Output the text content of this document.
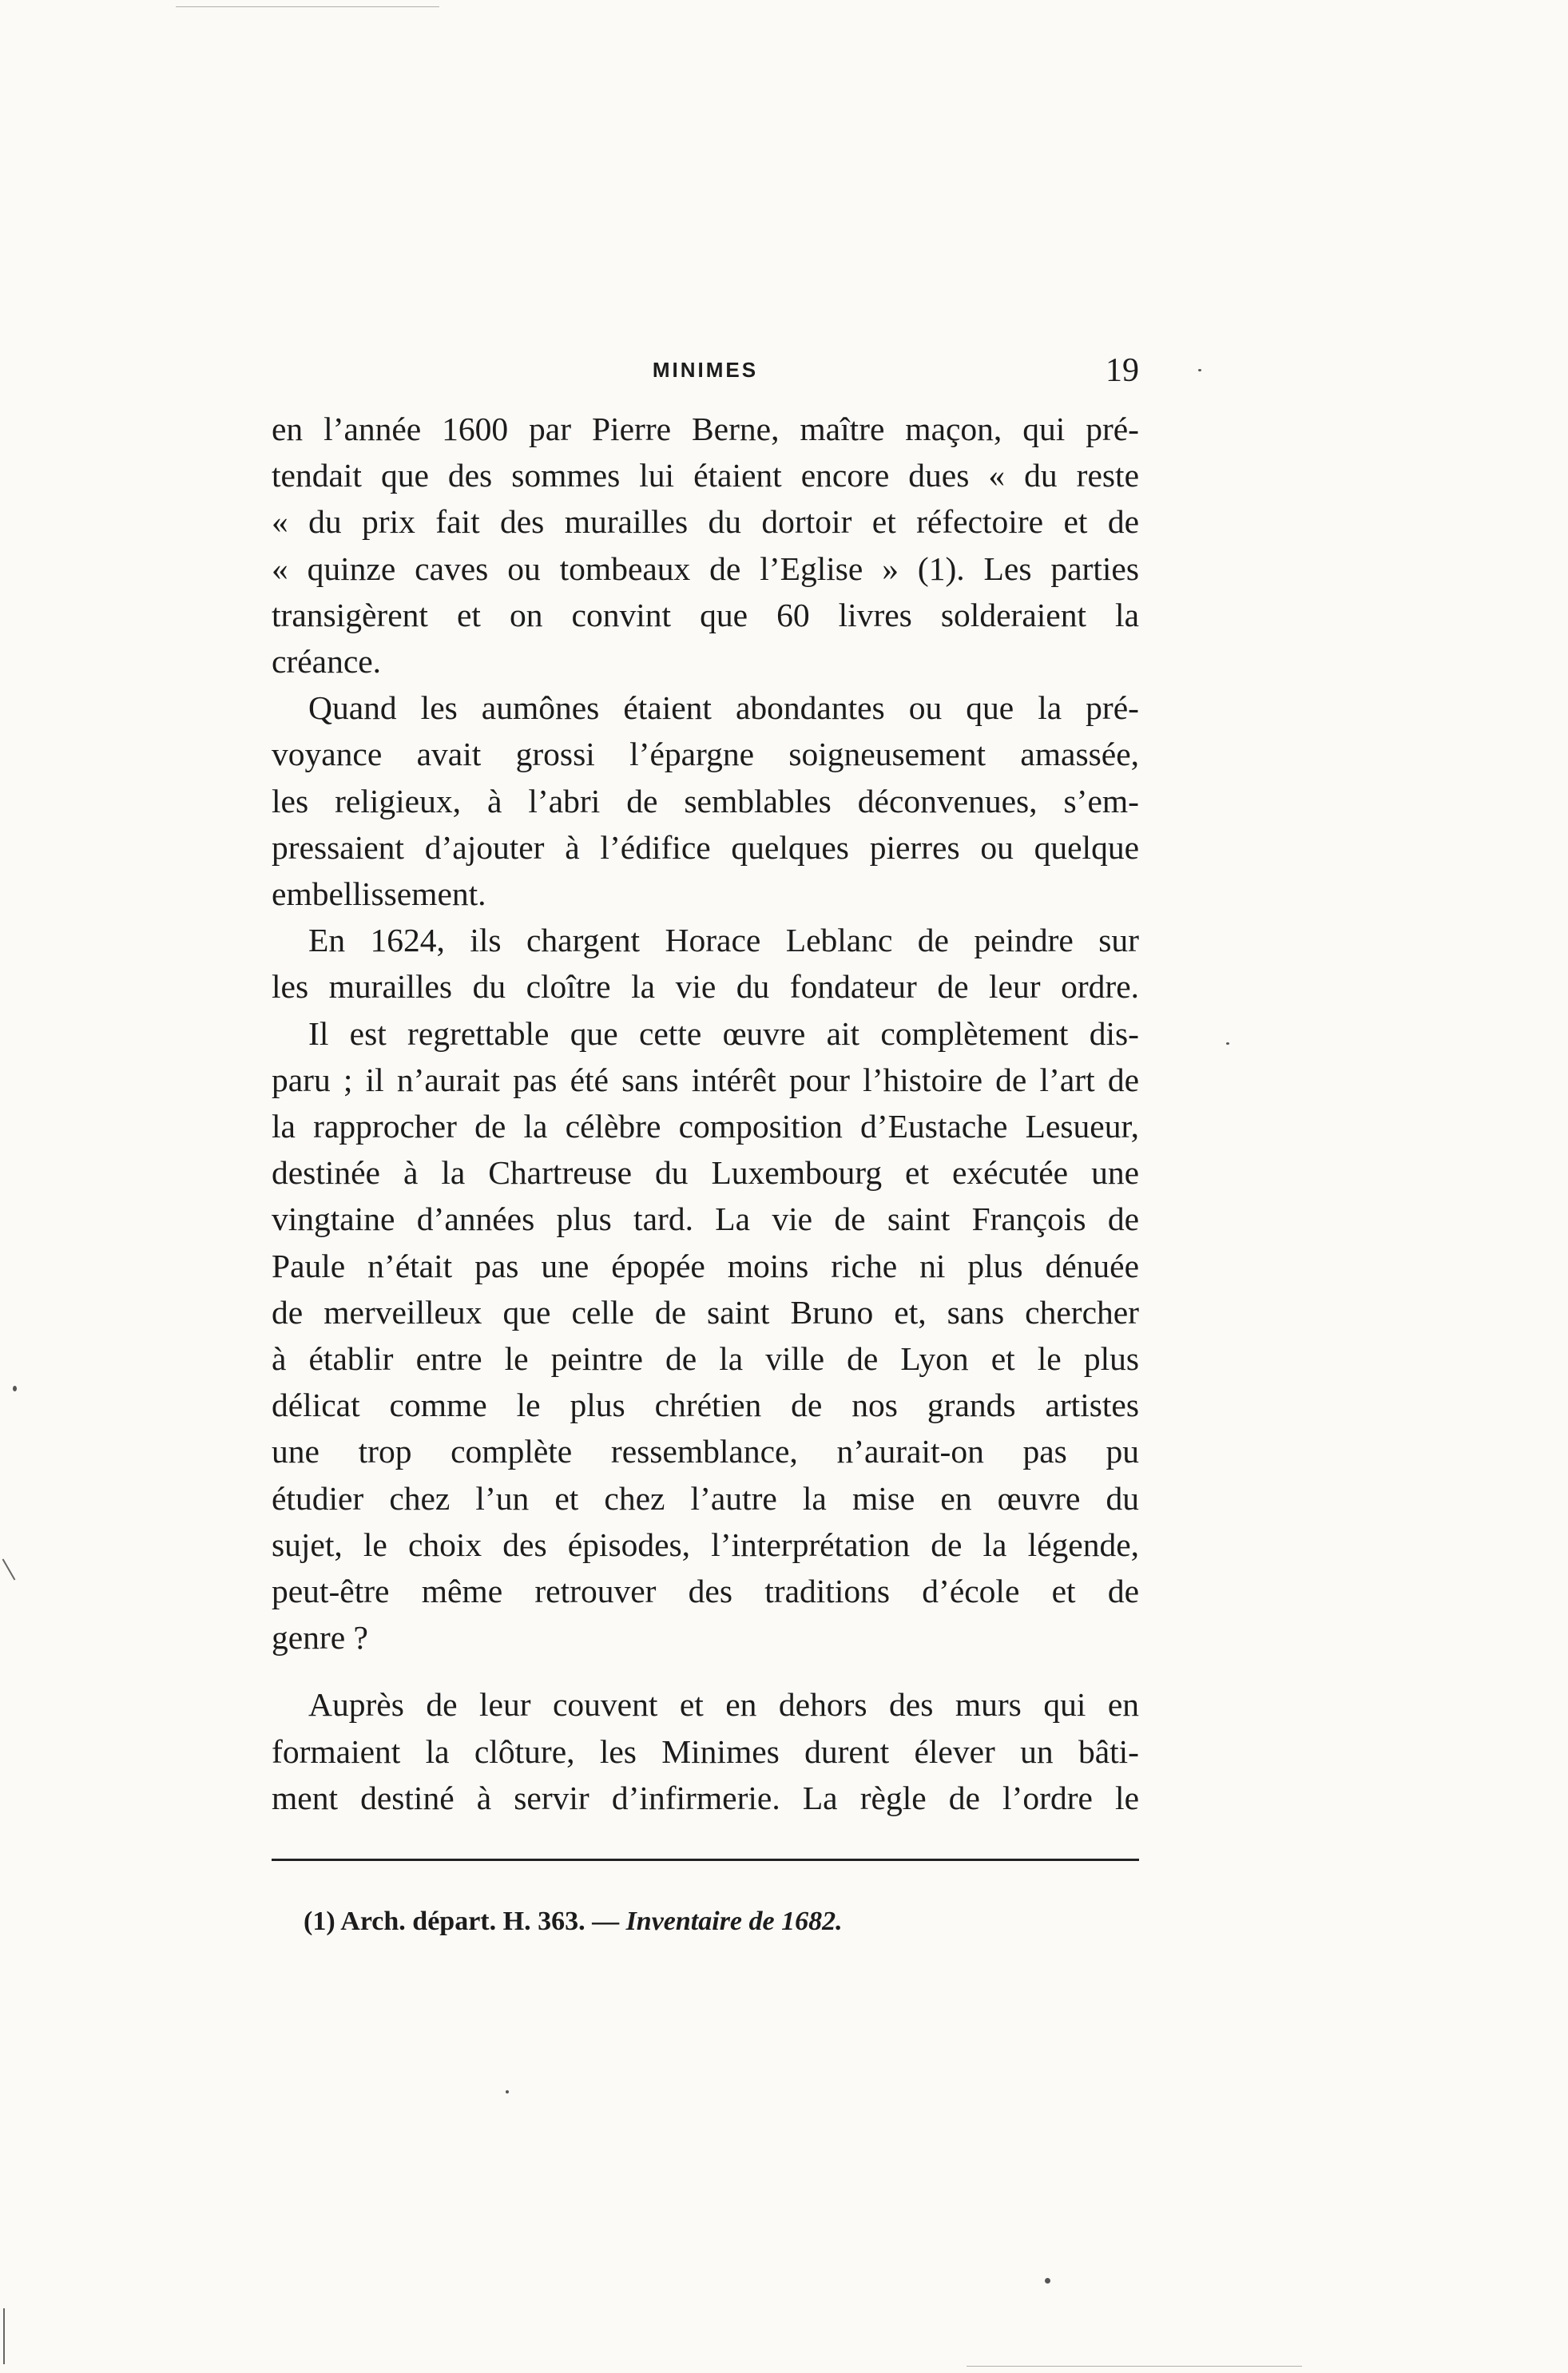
MINIMES	19
en l’année 1600 par Pierre Berne, maître maçon, qui pré-
tendait que des sommes lui étaient encore dues « du reste
« du prix fait des murailles du dortoir et réfectoire et de
« quinze caves ou tombeaux de l’Eglise » (1). Les parties
transigèrent et on convint que 60 livres solderaient la
créance.
Quand les aumônes étaient abondantes ou que la pré-
voyance avait grossi l’épargne soigneusement amassée,
les religieux, à l’abri de semblables déconvenues, s’em-
pressaient d’ajouter à l’édifice quelques pierres ou quelque
embellissement.
En 1624, ils chargent Horace Leblanc de peindre sur
les murailles du cloître la vie du fondateur de leur ordre.
Il est regrettable que cette œuvre ait complètement dis-
paru ; il n’aurait pas été sans intérêt pour l’histoire de l’art de
la rapprocher de la célèbre composition d’Eustache Lesueur,
destinée à la Chartreuse du Luxembourg et exécutée une
vingtaine d’années plus tard. La vie de saint François de
Paule n’était pas une épopée moins riche ni plus dénuée
de merveilleux que celle de saint Bruno et, sans chercher
à établir entre le peintre de la ville de Lyon et le plus
délicat comme le plus chrétien de nos grands artistes
une trop complète ressemblance, n’aurait-on pas pu
étudier chez l’un et chez l’autre la mise en œuvre du
sujet, le choix des épisodes, l’interprétation de la légende,
peut-être même retrouver des traditions d’école et de
genre ?
Auprès de leur couvent et en dehors des murs qui en
formaient la clôture, les Minimes durent élever un bâti-
ment destiné à servir d’infirmerie. La règle de l’ordre le
(1) Arch. départ. H. 363. — Inventaire de 1682.
